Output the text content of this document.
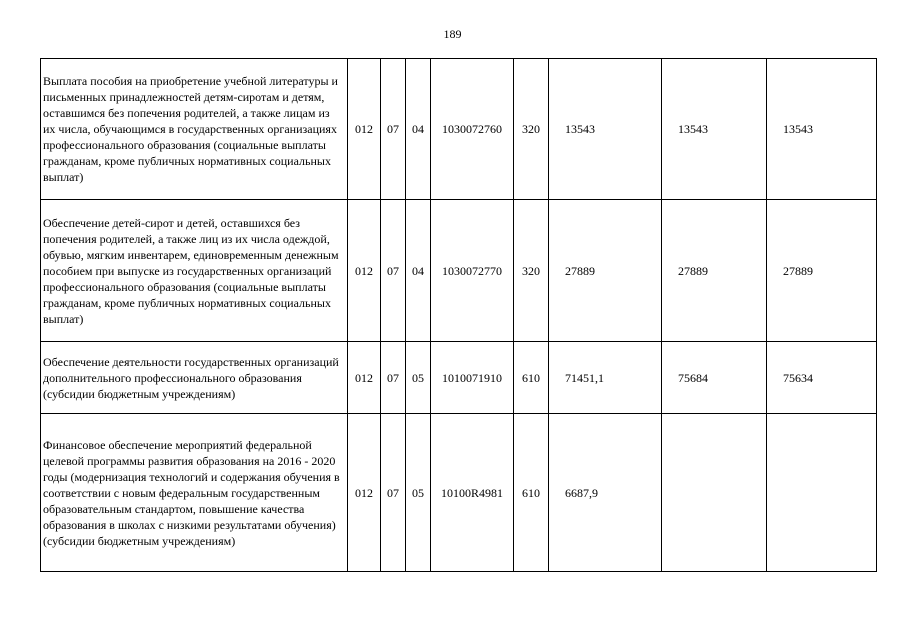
189
Выплата пособия на приобретение учебной литературы и письменных принадлежностей детям-сиротам и детям, оставшимся без попечения родителей, а также лицам из их числа, обучающимся в государственных организациях профессионального образования (социальные выплаты гражданам, кроме публичных нормативных социальных выплат)	012	07	04	1030072760	320	13543	13543	13543
Обеспечение детей-сирот и детей, оставшихся без попечения родителей, а также лиц из их числа одеждой, обувью, мягким инвентарем, единовременным денежным пособием при выпуске из государственных организаций профессионального образования (социальные выплаты гражданам, кроме публичных нормативных социальных выплат)	012	07	04	1030072770	320	27889	27889	27889
Обеспечение деятельности государственных организаций дополнительного профессионального образования (субсидии бюджетным учреждениям)	012	07	05	1010071910	610	71451,1	75684	75634
Финансовое обеспечение мероприятий федеральной целевой программы развития образования на 2016 - 2020 годы (модернизация технологий и содержания обучения в соответствии с новым федеральным государственным образовательным стандартом, повышение качества образования в школах с низкими результатами обучения) (субсидии бюджетным учреждениям)	012	07	05	10100R4981	610	6687,9		
